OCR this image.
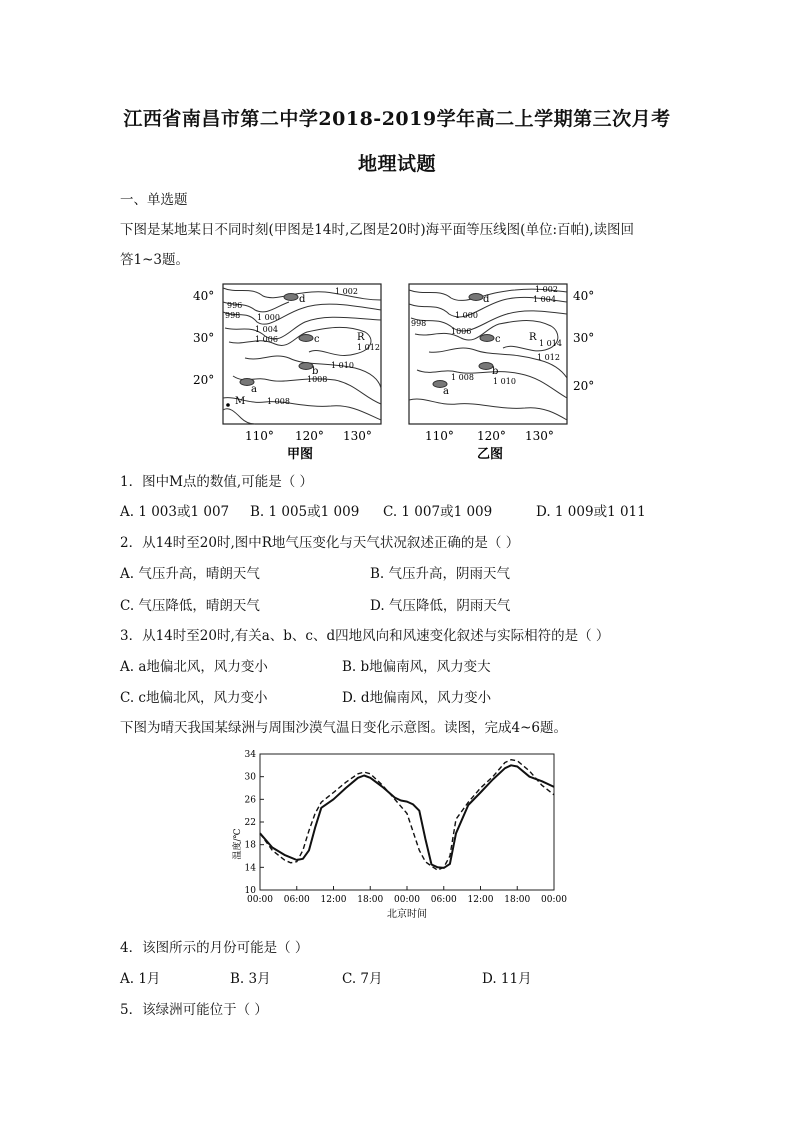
江西省南昌市第二中学2018-2019学年高二上学期第三次月考
地理试题
一、单选题
下图是某地某日不同时刻(甲图是14时,乙图是20时)海平面等压线图(单位:百帕),读图回
答1~3题。
40°
30°
20°
40°
30°
20°
110° 120° 130°	110° 120° 130°
甲图	乙图
1 002
996
998 1 000
1 004
1 006
1 012
1 010
1008
1 008
d
c
b
a
R
M
1 002
1 004
998
1 000
1006
1 014
1 012
1 008 1 010
d
c
b
a
R
1．图中M点的数值,可能是（ ）
A. 1 003或1 007 B. 1 005或1 009 C. 1 007或1 009	D. 1 009或1 011
2．从14时至20时,图中R地气压变化与天气状况叙述正确的是（ ）
A. 气压升高，晴朗天气	B. 气压升高，阴雨天气
C. 气压降低，晴朗天气	D. 气压降低，阴雨天气
3．从14时至20时,有关a、b、c、d四地风向和风速变化叙述与实际相符的是（ ）
A. a地偏北风，风力变小	B. b地偏南风，风力变大
C. c地偏北风，风力变小	D. d地偏南风，风力变小
下图为晴天我国某绿洲与周围沙漠气温日变化示意图。读图，完成4~6题。
10
14
18
22
26
30
34
00:00 06:00 12:00 18:00 00:00 06:00 12:00 18:00 00:00
温度/℃
北京时间
4．该图所示的月份可能是（ ）
A. 1月	B. 3月	C. 7月	D. 11月
5．该绿洲可能位于（ ）
